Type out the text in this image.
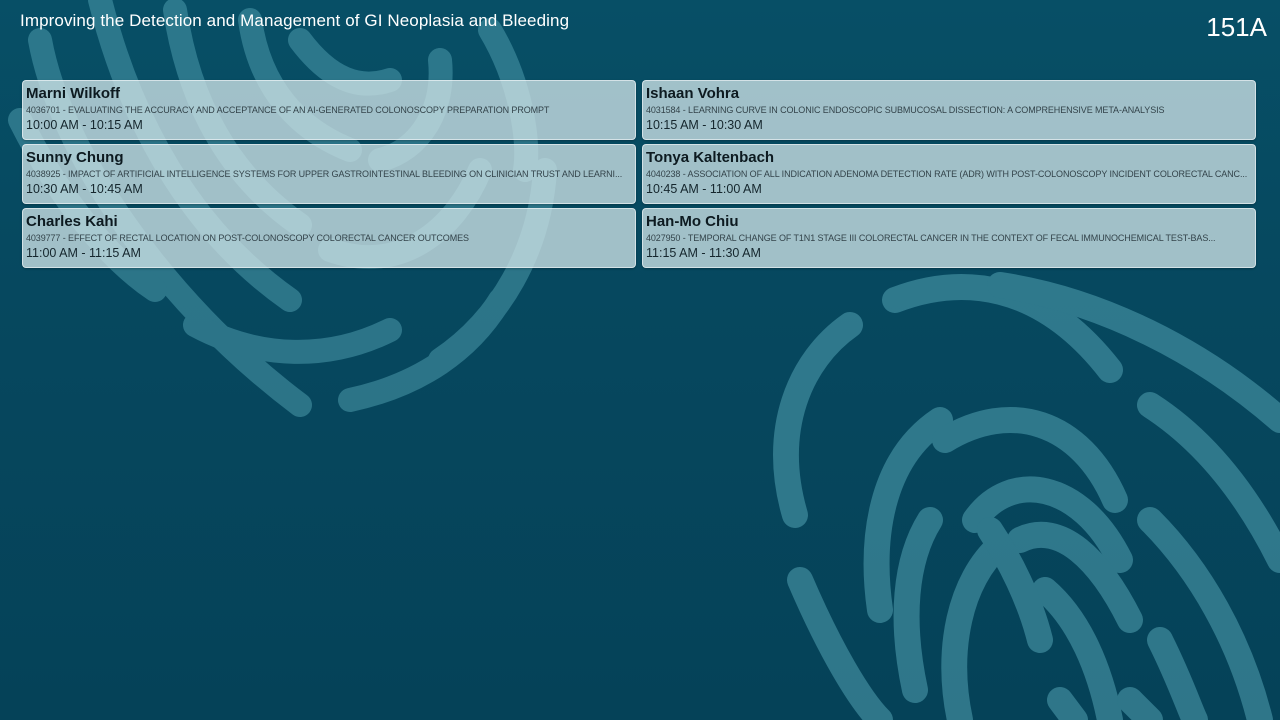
Improving the Detection and Management of GI Neoplasia and Bleeding	151A
Marni Wilkoff
4036701 - EVALUATING THE ACCURACY AND ACCEPTANCE OF AN AI-GENERATED COLONOSCOPY PREPARATION PROMPT
10:00 AM - 10:15 AM
Ishaan Vohra
4031584 - LEARNING CURVE IN COLONIC ENDOSCOPIC SUBMUCOSAL DISSECTION: A COMPREHENSIVE META-ANALYSIS
10:15 AM - 10:30 AM
Sunny Chung
4038925 - IMPACT OF ARTIFICIAL INTELLIGENCE SYSTEMS FOR UPPER GASTROINTESTINAL BLEEDING ON CLINICIAN TRUST AND LEARNI...
10:30 AM - 10:45 AM
Tonya Kaltenbach
4040238 - ASSOCIATION OF ALL INDICATION ADENOMA DETECTION RATE (ADR) WITH POST-COLONOSCOPY INCIDENT COLORECTAL CANC...
10:45 AM - 11:00 AM
Charles Kahi
4039777 - EFFECT OF RECTAL LOCATION ON POST-COLONOSCOPY COLORECTAL CANCER OUTCOMES
11:00 AM - 11:15 AM
Han-Mo Chiu
4027950 - TEMPORAL CHANGE OF T1N1 STAGE III COLORECTAL CANCER IN THE CONTEXT OF FECAL IMMUNOCHEMICAL TEST-BAS...
11:15 AM - 11:30 AM
